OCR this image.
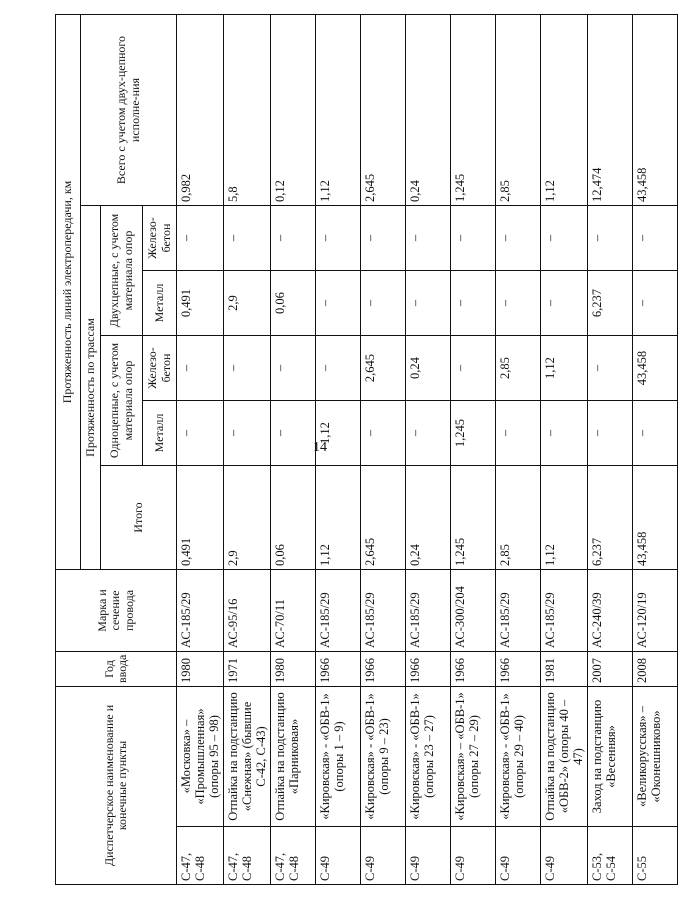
14
Диспетчерское наименование и конечные пункты		Год ввода	Марка и сечение провода	Протяженность линий электропередачи, км					
				Протяженность по трассам					Всего с учетом двух-цепного исполне-ния
				Итого	Одноцепные, с учетом материала опор		Двухцепные, с учетом материала опор		
					Металл	Железо-бетон	Металл	Железо-бетон	
С-47, С-48	«Московка» – «Промышленная» (опоры 95 – 98)	1980	АС-185/29	0,491	–	–	0,491	–	0,982
С-47, С-48	Отпайка на подстанцию «Снежная» (бывшие С-42, С-43)	1971	АС-95/16	2,9	–	–	2,9	–	5,8
С-47, С-48	Отпайка на подстанцию «Парниковая»	1980	АС-70/11	0,06	–	–	0,06	–	0,12
С-49	«Кировская» - «ОБВ-1» (опоры 1 – 9)	1966	АС-185/29	1,12	1,12	–	–	–	1,12
С-49	«Кировская» - «ОБВ-1» (опоры 9 – 23)	1966	АС-185/29	2,645	–	2,645	–	–	2,645
С-49	«Кировская» - «ОБВ-1» (опоры 23 – 27)	1966	АС-185/29	0,24	–	0,24	–	–	0,24
С-49	«Кировская» – «ОБВ-1» (опоры 27 – 29)	1966	АС-300/204	1,245	1,245	–	–	–	1,245
С-49	«Кировская» - «ОБВ-1» (опоры 29 – 40)	1966	АС-185/29	2,85	–	2,85	–	–	2,85
С-49	Отпайка на подстанцию «ОБВ-2» (опоры 40 – 47)	1981	АС-185/29	1,12	–	1,12	–	–	1,12
С-53, С-54	Заход на подстанцию «Весенняя»	2007	АС-240/39	6,237	–	–	6,237	–	12,474
С-55	«Великорусская» – «Оконешниково»	2008	АС-120/19	43,458	–	43,458	–	–	43,458
